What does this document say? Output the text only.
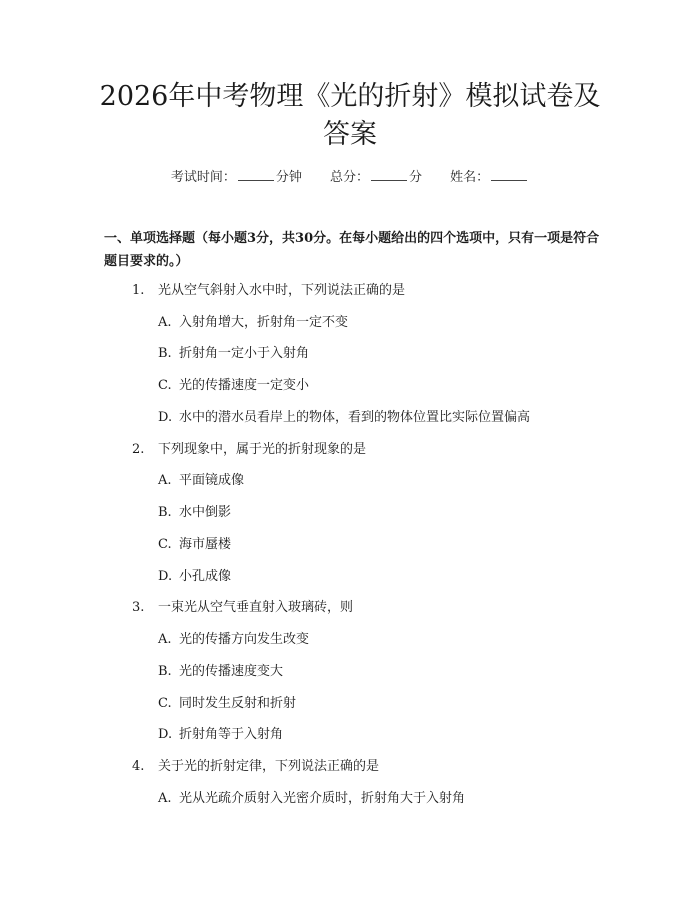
2026年中考物理《光的折射》模拟试卷及答案
考试时间：	分钟 总分：	分 姓名：

一、单项选择题（每小题3分，共30分。在每小题给出的四个选项中，只有一项是符合题目要求的。）

1. 光从空气斜射入水中时，下列说法正确的是
A. 入射角增大，折射角一定不变
B. 折射角一定小于入射角
C. 光的传播速度一定变小
D. 水中的潜水员看岸上的物体，看到的物体位置比实际位置偏高
2. 下列现象中，属于光的折射现象的是
A. 平面镜成像
B. 水中倒影
C. 海市蜃楼
D. 小孔成像
3. 一束光从空气垂直射入玻璃砖，则
A. 光的传播方向发生改变
B. 光的传播速度变大
C. 同时发生反射和折射
D. 折射角等于入射角
4. 关于光的折射定律，下列说法正确的是
A. 光从光疏介质射入光密介质时，折射角大于入射角
